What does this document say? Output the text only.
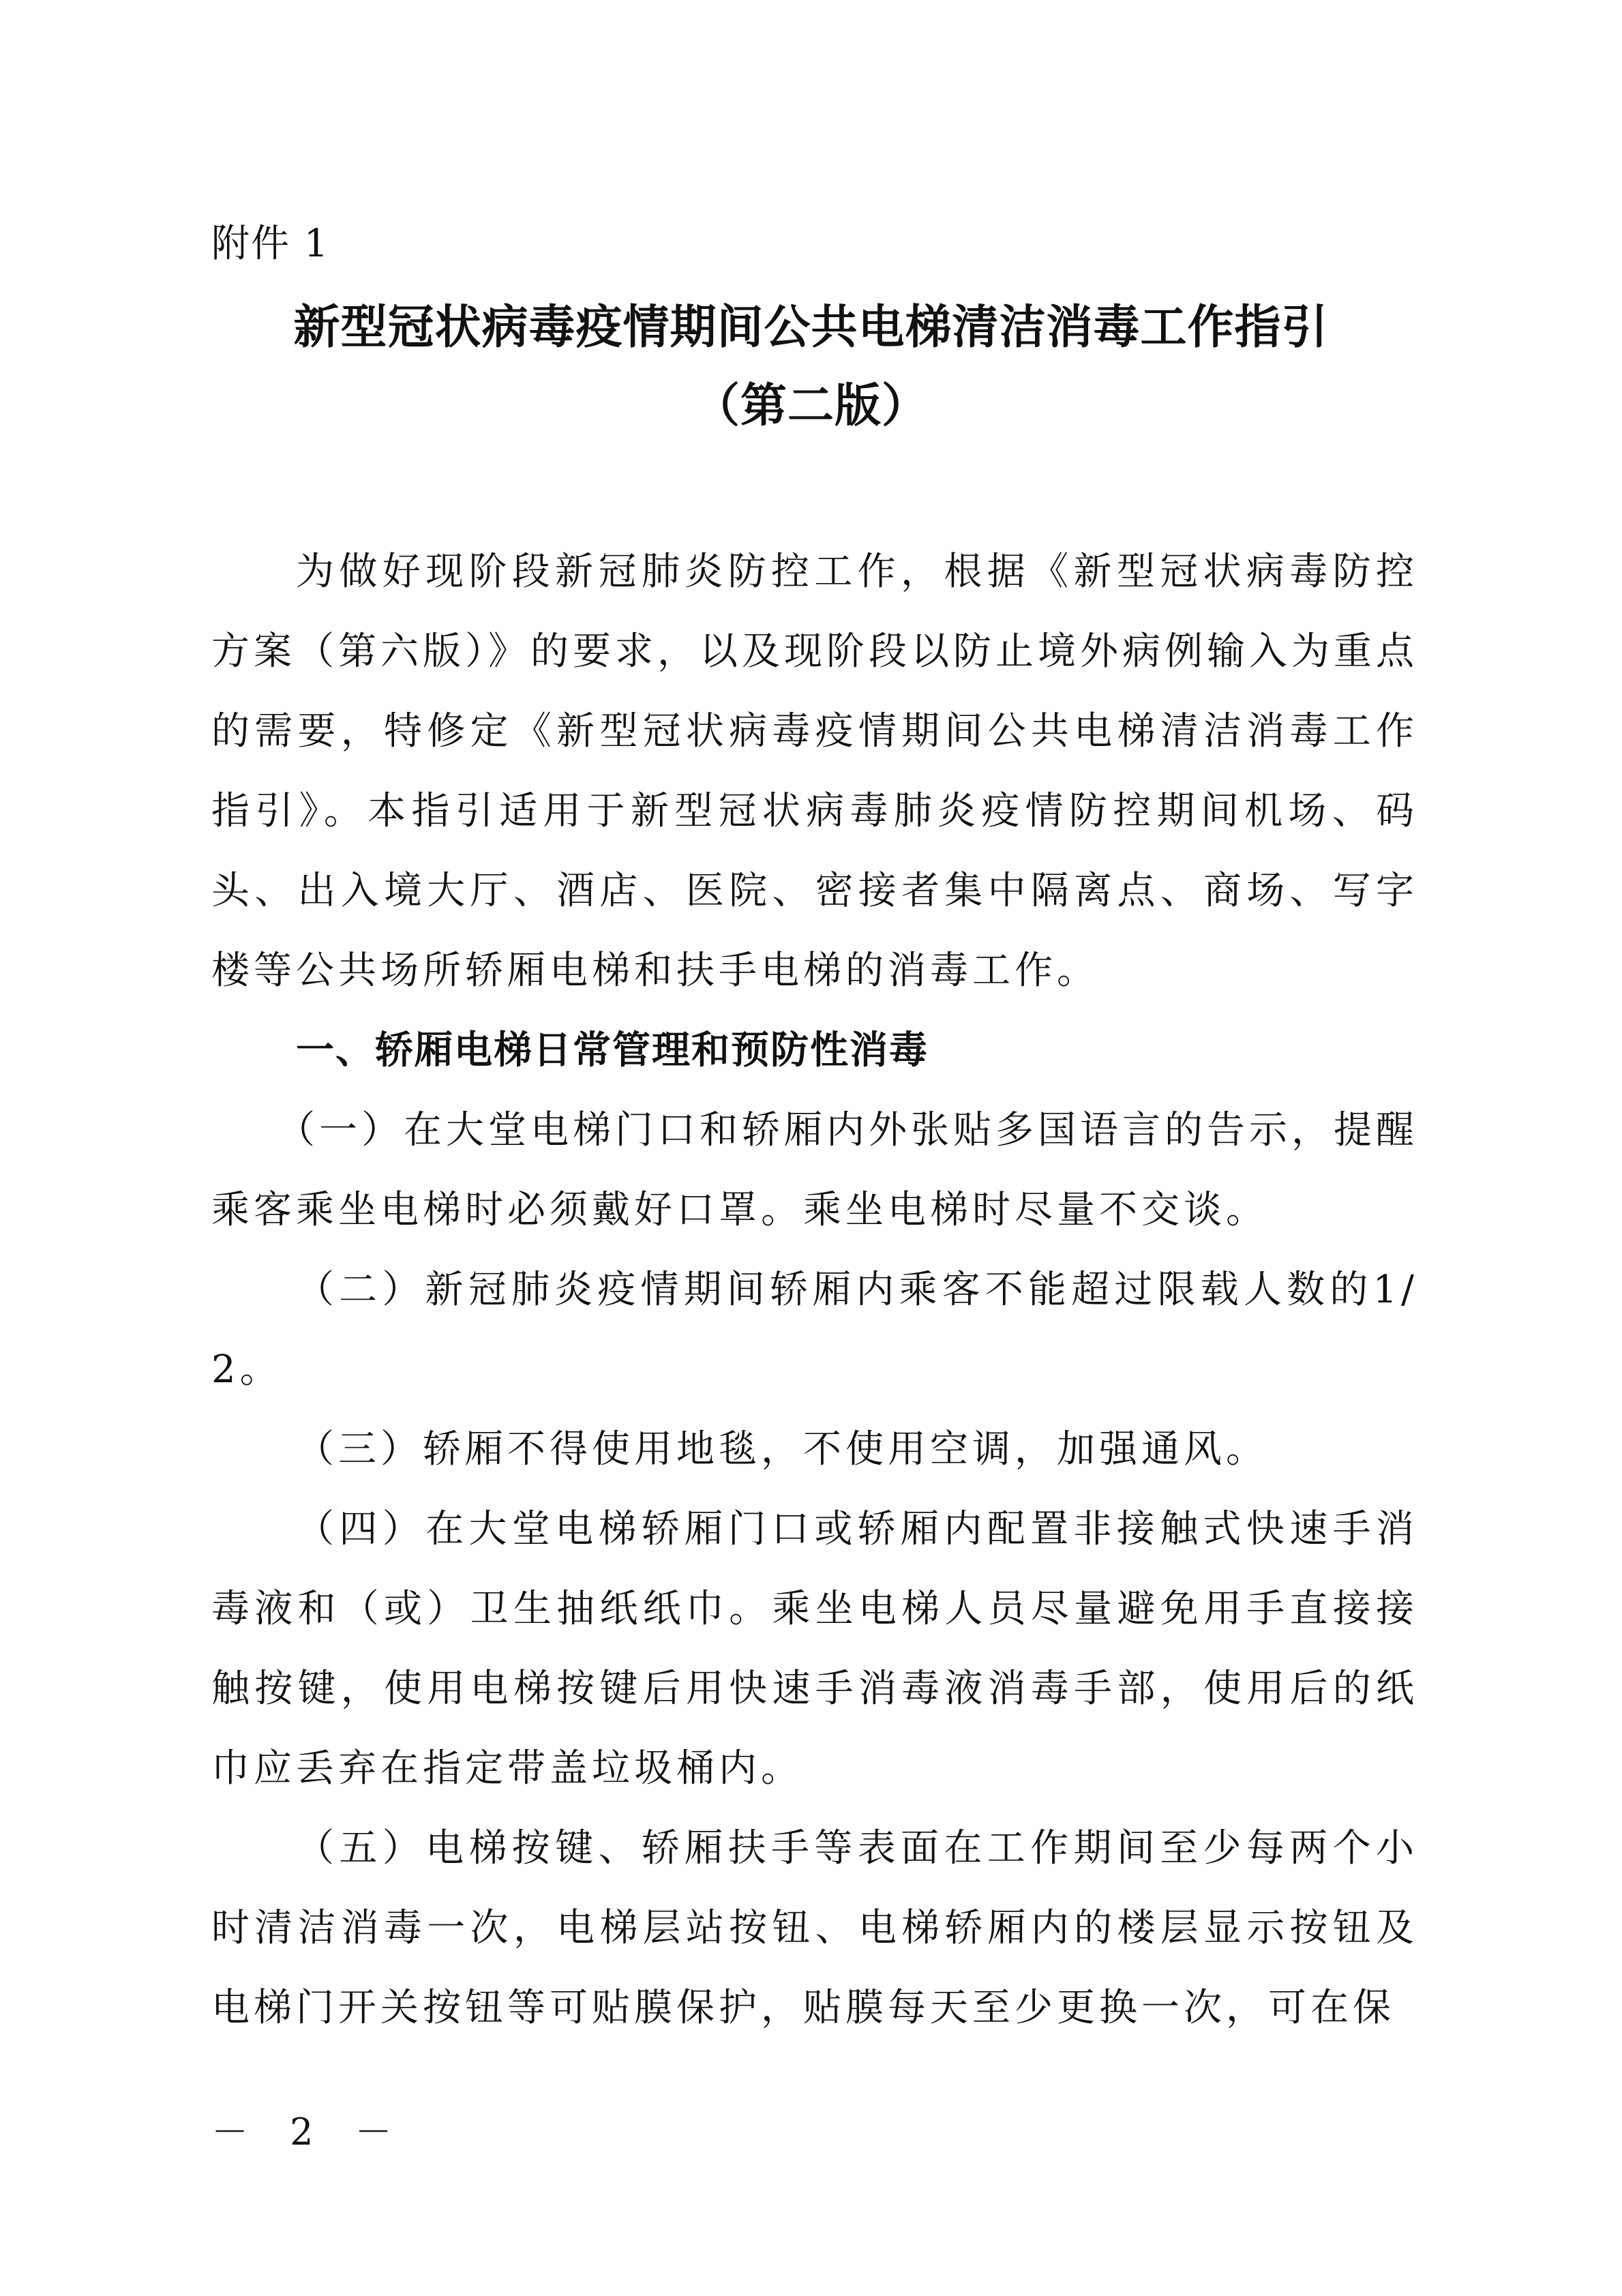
附件 1
新型冠状病毒疫情期间公共电梯清洁消毒工作指引
（第二版）

为做好现阶段新冠肺炎防控工作，根据《新型冠状病毒防控方案（第六版）》的要求，以及现阶段以防止境外病例输入为重点的需要，特修定《新型冠状病毒疫情期间公共电梯清洁消毒工作指引》。本指引适用于新型冠状病毒肺炎疫情防控期间机场、码头、出入境大厅、酒店、医院、密接者集中隔离点、商场、写字楼等公共场所轿厢电梯和扶手电梯的消毒工作。

一、轿厢电梯日常管理和预防性消毒

（一）在大堂电梯门口和轿厢内外张贴多国语言的告示，提醒乘客乘坐电梯时必须戴好口罩。乘坐电梯时尽量不交谈。

（二）新冠肺炎疫情期间轿厢内乘客不能超过限载人数的1/2。

（三）轿厢不得使用地毯，不使用空调，加强通风。

（四）在大堂电梯轿厢门口或轿厢内配置非接触式快速手消毒液和（或）卫生抽纸纸巾。乘坐电梯人员尽量避免用手直接接触按键，使用电梯按键后用快速手消毒液消毒手部，使用后的纸巾应丢弃在指定带盖垃圾桶内。

（五）电梯按键、轿厢扶手等表面在工作期间至少每两个小时清洁消毒一次，电梯层站按钮、电梯轿厢内的楼层显示按钮及电梯门开关按钮等可贴膜保护，贴膜每天至少更换一次，可在保

－ 2 －
